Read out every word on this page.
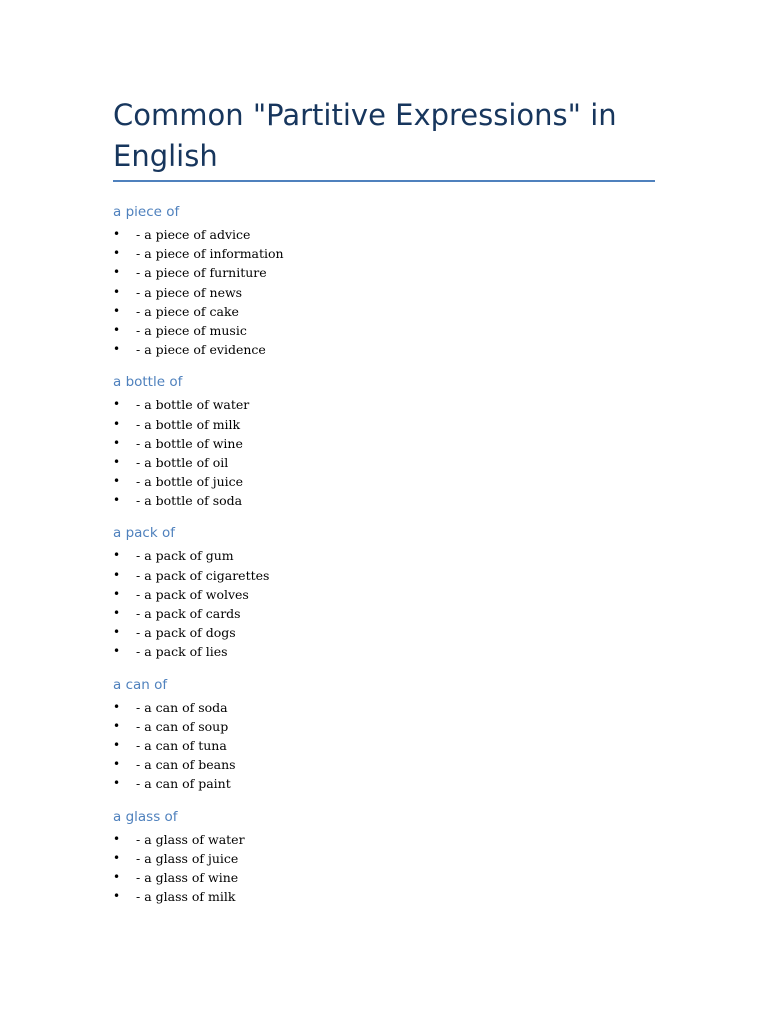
Common "Partitive Expressions" in English
a piece of
• - a piece of advice
• - a piece of information
• - a piece of furniture
• - a piece of news
• - a piece of cake
• - a piece of music
• - a piece of evidence
a bottle of
• - a bottle of water
• - a bottle of milk
• - a bottle of wine
• - a bottle of oil
• - a bottle of juice
• - a bottle of soda
a pack of
• - a pack of gum
• - a pack of cigarettes
• - a pack of wolves
• - a pack of cards
• - a pack of dogs
• - a pack of lies
a can of
• - a can of soda
• - a can of soup
• - a can of tuna
• - a can of beans
• - a can of paint
a glass of
• - a glass of water
• - a glass of juice
• - a glass of wine
• - a glass of milk
